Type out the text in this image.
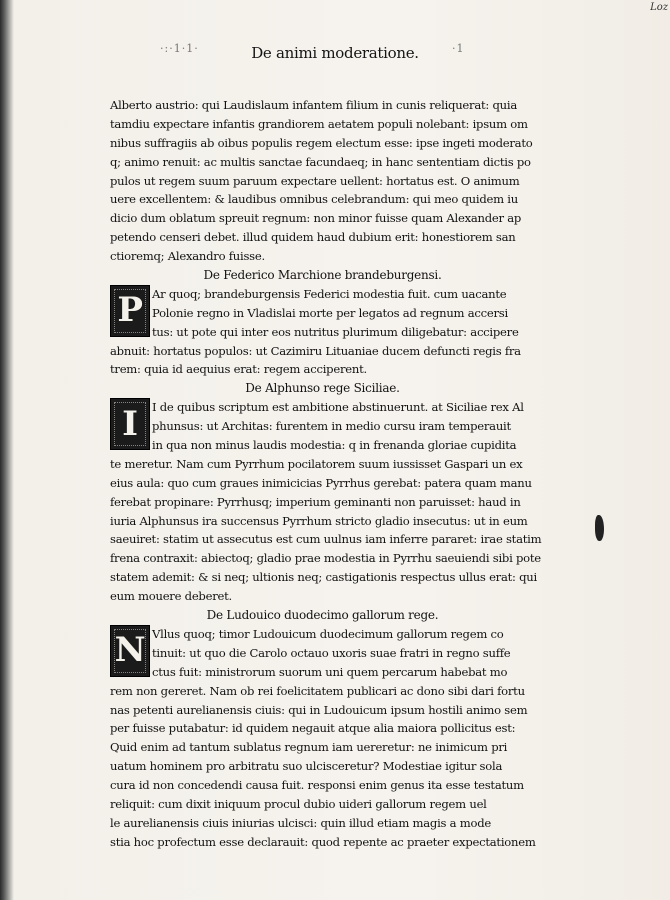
Loz
·:·1·1·	·1
De animi moderatione.
Alberto austrio: qui Laudislaum infantem filium in cunis reliquerat: quia
tamdiu expectare infantis grandiorem aetatem populi nolebant: ipsum om
nibus suffragiis ab oibus populis regem electum esse: ipse ingeti moderato
q; animo renuit: ac multis sanctae facundaeq; in hanc sententiam dictis po
pulos ut regem suum paruum expectare uellent: hortatus est. O animum
uere excellentem: & laudibus omnibus celebrandum: qui meo quidem iu
dicio dum oblatum spreuit regnum: non minor fuisse quam Alexander ap
petendo censeri debet. illud quidem haud dubium erit: honestiorem san
ctioremq; Alexandro fuisse.
De Federico Marchione brandeburgensi.
P Ar quoq; brandeburgensis Federici modestia fuit. cum uacante
Polonie regno in Vladislai morte per legatos ad regnum accersi
tus: ut pote qui inter eos nutritus plurimum diligebatur: accipere
abnuit: hortatus populos: ut Cazimiru Lituaniae ducem defuncti regis fra
trem: quia id aequius erat: regem acciperent.
De Alphunso rege Siciliae.
I	I de quibus scriptum est ambitione abstinuerunt. at Siciliae rex Al
phunsus: ut Architas: furentem in medio cursu iram temperauit
in qua non minus laudis modestia: q in frenanda gloriae cupidita
te meretur. Nam cum Pyrrhum pocilatorem suum iussisset Gaspari un ex
eius aula: quo cum graues inimicicias Pyrrhus gerebat: patera quam manu
ferebat propinare: Pyrrhusq; imperium geminanti non paruisset: haud in
iuria Alphunsus ira succensus Pyrrhum stricto gladio insecutus: ut in eum
saeuiret: statim ut assecutus est cum uulnus iam inferre pararet: irae statim
frena contraxit: abiectoq; gladio prae modestia in Pyrrhu saeuiendi sibi pote
statem ademit: & si neq; ultionis neq; castigationis respectus ullus erat: qui
eum mouere deberet.
De Ludouico duodecimo gallorum rege.
N Vllus quoq; timor Ludouicum duodecimum gallorum regem co
tinuit: ut quo die Carolo octauo uxoris suae fratri in regno suffe
ctus fuit: ministrorum suorum uni quem percarum habebat mo
rem non gereret. Nam ob rei foelicitatem publicari ac dono sibi dari fortu
nas petenti aurelianensis ciuis: qui in Ludouicum ipsum hostili animo sem
per fuisse putabatur: id quidem negauit atque alia maiora pollicitus est:
Quid enim ad tantum sublatus regnum iam uereretur: ne inimicum pri
uatum hominem pro arbitratu suo ulcisceretur? Modestiae igitur sola
cura id non concedendi causa fuit. responsi enim genus ita esse testatum
reliquit: cum dixit iniquum procul dubio uideri gallorum regem uel
le aurelianensis ciuis iniurias ulcisci: quin illud etiam magis a mode
stia hoc profectum esse declarauit: quod repente ac praeter expectationem
